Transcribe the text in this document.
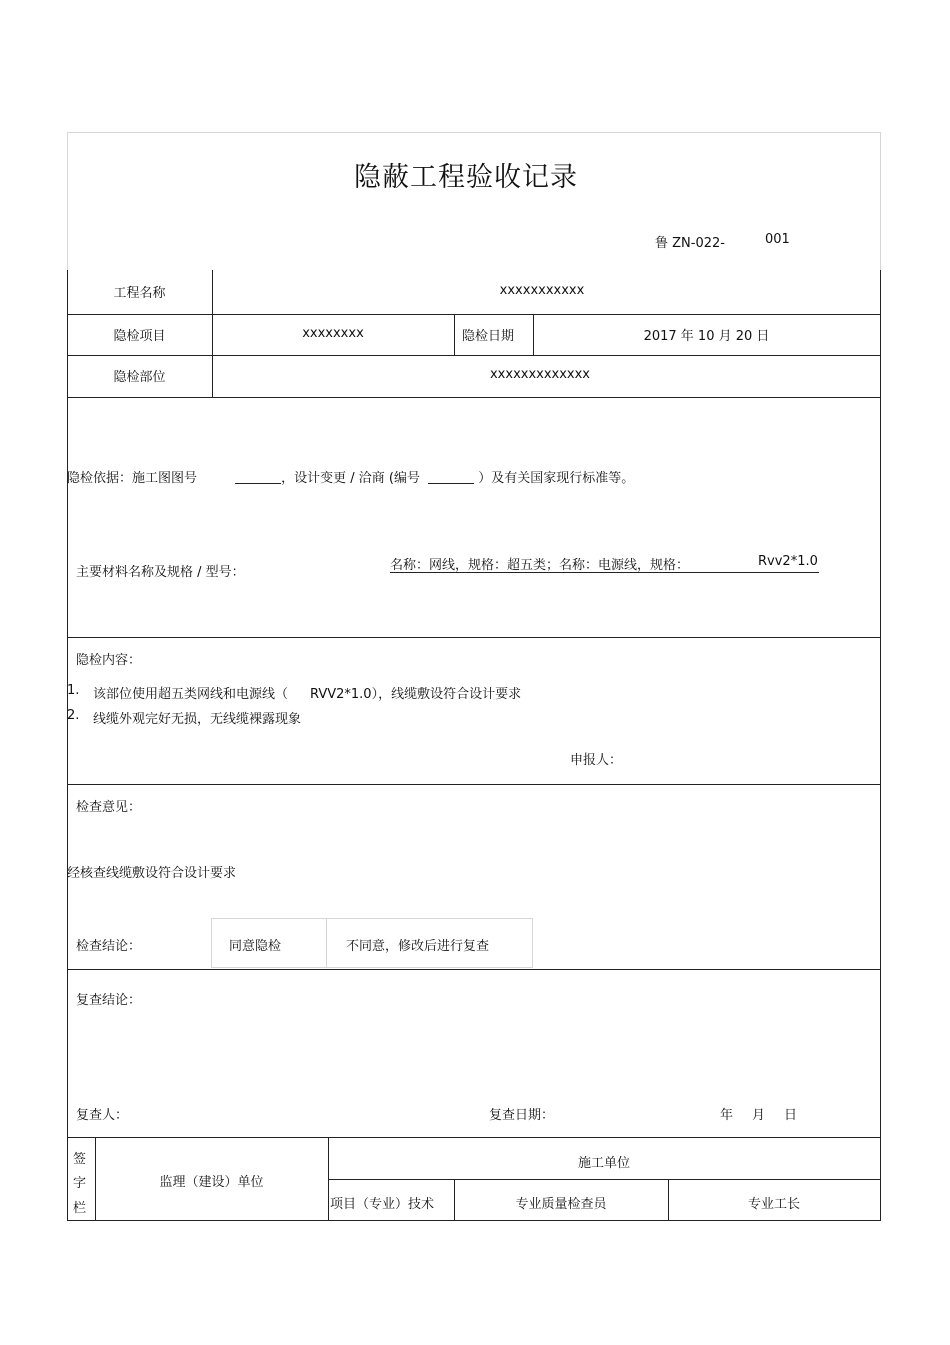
隐蔽工程验收记录
鲁 ZN-022-	001
工程名称	xxxxxxxxxxx
隐检项目	xxxxxxxx	隐检日期	2017 年 10 月 20 日
隐检部位	xxxxxxxxxxxxx
隐检依据：施工图图号	，设计变更 / 洽商 (编号	）及有关国家现行标准等。
主要材料名称及规格 / 型号：	名称：网线，规格：超五类；名称：电源线，规格：	Rvv2*1.0
隐检内容：
1. 该部位使用超五类网线和电源线（ RVV2*1.0），线缆敷设符合设计要求
2. 线缆外观完好无损，无线缆裸露现象
申报人：
检查意见：
经核查线缆敷设符合设计要求
检查结论：	同意隐检	不同意，修改后进行复查
复查结论：
复查人：	复查日期：	年 月 日
签
字
栏
监理（建设）单位
施工单位
项目（专业）技术	专业质量检查员	专业工长
